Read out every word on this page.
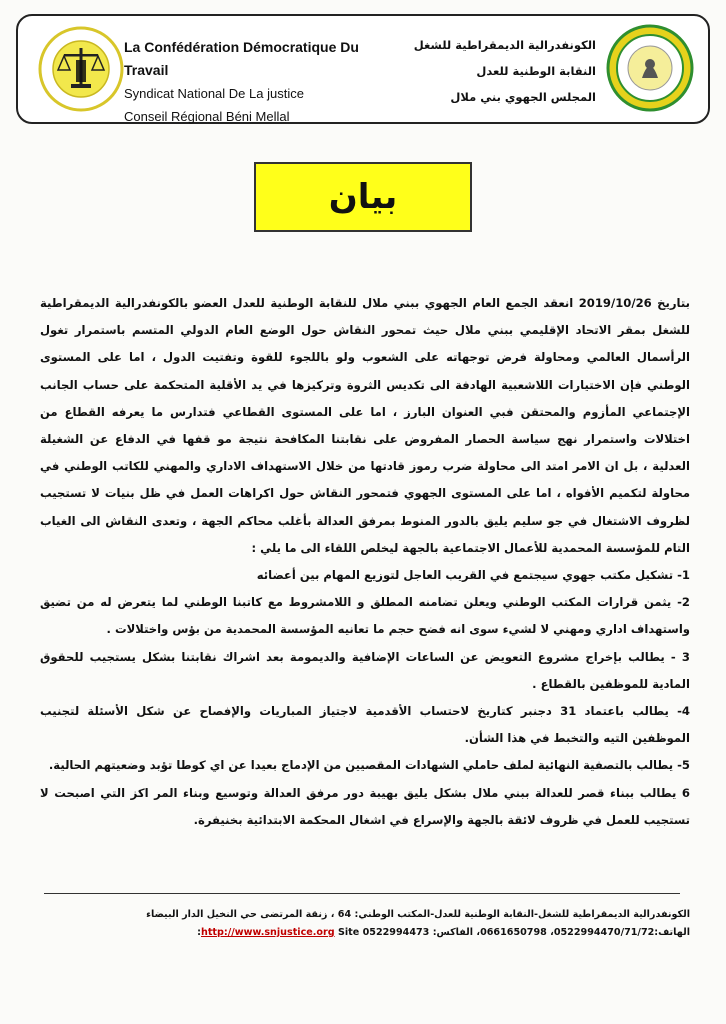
La Confédération Démocratique Du Travail
Syndicat National De La justice
Conseil Régional Béni Mellal
الكونفدرالية الديمقراطية للشغل
النقابة الوطنية للعدل
المجلس الجهوي بني ملال
بيان

بتاريخ 2019/10/26 انعقد الجمع العام الجهوي ببني ملال للنقابة الوطنية للعدل العضو بالكونفدرالية الديمقراطية للشغل بمقر الاتحاد الإقليمي ببني ملال حيث تمحور النقاش حول الوضع العام الدولي المتسم باستمرار تغول الرأسمال العالمي ومحاولة فرض توجهاته على الشعوب ولو باللجوء للقوة وتفتيت الدول ، اما على المستوى الوطني فإن الاختيارات اللاشعبية الهادفة الى تكديس الثروة وتركيزها في يد الأقلية المتحكمة على حساب الجانب الإجتماعي المأزوم والمحتقن فبي العنوان البارز ، اما على المستوى القطاعي فتدارس ما يعرفه القطاع من اختلالات واستمرار نهج سياسة الحصار المفروض على نقابتنا المكافحة نتيجة مو قفها في الدفاع عن الشغيلة العدلية ، بل ان الامر امتد الى محاولة ضرب رموز قادتها من خلال الاستهداف الاداري والمهني للكاتب الوطني في محاولة لتكميم الأفواه ، اما على المستوى الجهوي فتمحور النقاش حول اكراهات العمل في ظل بنيات لا تستجيب لظروف الاشتغال في جو سليم يليق بالدور المنوط بمرفق العدالة بأغلب محاكم الجهة ، وتعدى النقاش الى الغياب التام للمؤسسة المحمدية للأعمال الاجتماعية بالجهة ليخلص اللقاء الى ما يلي :

1- تشكيل مكتب جهوي سيجتمع في القريب العاجل لتوزيع المهام بين أعضائه

2- يثمن قرارات المكتب الوطني ويعلن تضامنه المطلق و اللامشروط مع كاتبنا الوطني لما يتعرض له من تضيق واستهداف اداري ومهني لا لشيء سوى انه فضح حجم ما تعانيه المؤسسة المحمدية من بؤس واختلالات .

3 - يطالب بإخراج مشروع التعويض عن الساعات الإضافية والديمومة بعد اشراك نقابتنا بشكل يستجيب للحقوق المادية للموظفين بالقطاع .

4- يطالب باعتماد 31 دجنبر كتاريخ لاحتساب الأقدمية لاجتياز المباريات والإفصاح عن شكل الأسئلة لتجنيب الموظفين التيه والتخبط في هذا الشأن.

5- يطالب بالتصفية النهائية لملف حاملي الشهادات المقصيين من الإدماج بعيدا عن اي كوطا تؤبد وضعيتهم الحالية.

6 يطالب ببناء قصر للعدالة ببني ملال بشكل يليق بهيبة دور مرفق العدالة وتوسيع وبناء المر اكز التي اصبحت لا تستجيب للعمل في ظروف لائقة بالجهة والإسراع في اشغال المحكمة الابتدائية بخنيفرة.

الكونفدرالية الديمقراطية للشغل-النقابة الوطنية للعدل-المكتب الوطني: 64 ، زنقة المرتضى حي النخيل الدار البيضاء
الهاتف:0522994470/71/72، 0661650798، الفاكس: 0522994473 http://www.snjustice.org Site:
